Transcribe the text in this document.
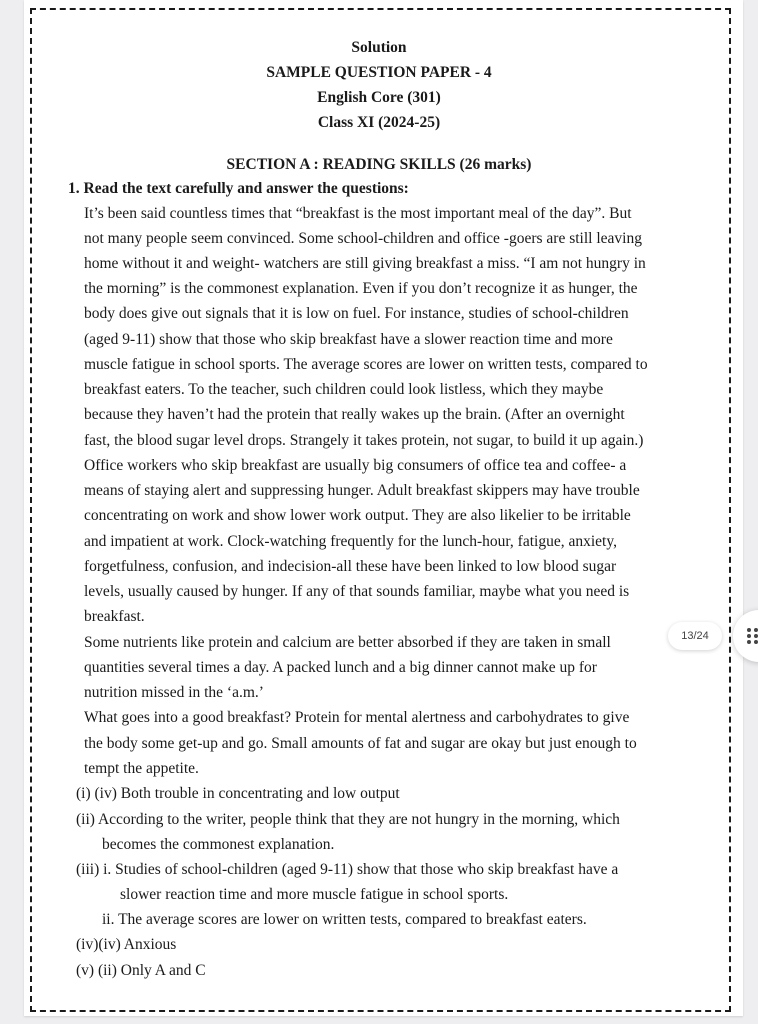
Solution
SAMPLE QUESTION PAPER - 4
English Core (301)
Class XI (2024-25)
SECTION A : READING SKILLS (26 marks)
1. Read the text carefully and answer the questions:
It’s been said countless times that “breakfast is the most important meal of the day”. But
not many people seem convinced. Some school-children and office -goers are still leaving
home without it and weight- watchers are still giving breakfast a miss. “I am not hungry in
the morning” is the commonest explanation. Even if you don’t recognize it as hunger, the
body does give out signals that it is low on fuel. For instance, studies of school-children
(aged 9-11) show that those who skip breakfast have a slower reaction time and more
muscle fatigue in school sports. The average scores are lower on written tests, compared to
breakfast eaters. To the teacher, such children could look listless, which they maybe
because they haven’t had the protein that really wakes up the brain. (After an overnight
fast, the blood sugar level drops. Strangely it takes protein, not sugar, to build it up again.)
Office workers who skip breakfast are usually big consumers of office tea and coffee- a
means of staying alert and suppressing hunger. Adult breakfast skippers may have trouble
concentrating on work and show lower work output. They are also likelier to be irritable
and impatient at work. Clock-watching frequently for the lunch-hour, fatigue, anxiety,
forgetfulness, confusion, and indecision-all these have been linked to low blood sugar
levels, usually caused by hunger. If any of that sounds familiar, maybe what you need is
breakfast.
Some nutrients like protein and calcium are better absorbed if they are taken in small
quantities several times a day. A packed lunch and a big dinner cannot make up for
nutrition missed in the ‘a.m.’
What goes into a good breakfast? Protein for mental alertness and carbohydrates to give
the body some get-up and go. Small amounts of fat and sugar are okay but just enough to
tempt the appetite.
(i) (iv) Both trouble in concentrating and low output
(ii) According to the writer, people think that they are not hungry in the morning, which
becomes the commonest explanation.
(iii) i. Studies of school-children (aged 9-11) show that those who skip breakfast have a
slower reaction time and more muscle fatigue in school sports.
ii. The average scores are lower on written tests, compared to breakfast eaters.
(iv)(iv) Anxious
(v) (ii) Only A and C
13/24
